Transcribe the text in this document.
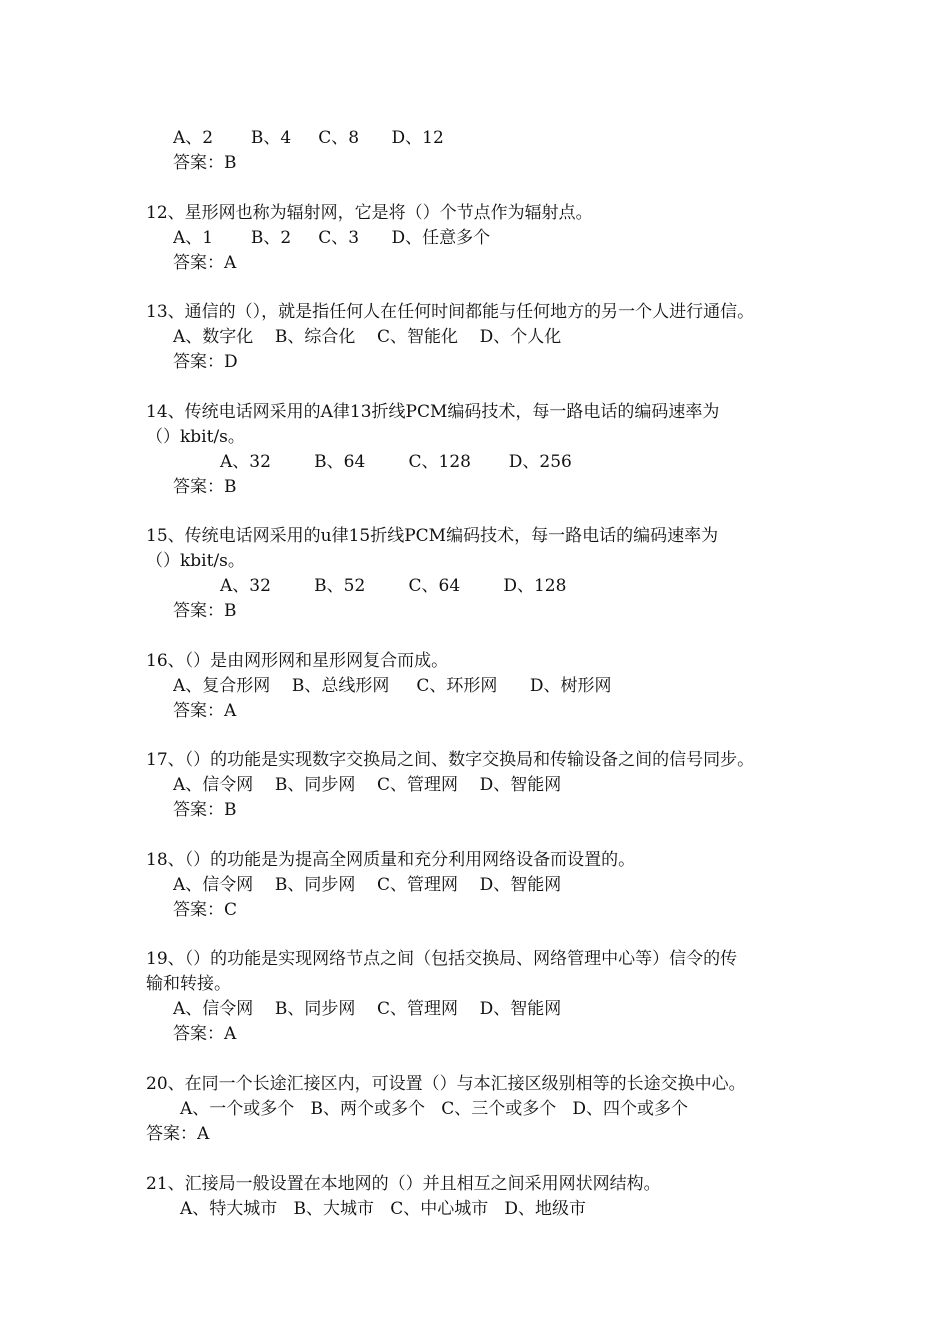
A、2       B、4     C、8      D、12
答案：B
12、星形网也称为辐射网，它是将（）个节点作为辐射点。
A、1       B、2     C、3      D、任意多个
答案：A
13、通信的（），就是指任何人在任何时间都能与任何地方的另一个人进行通信。
A、数字化    B、综合化    C、智能化    D、个人化
答案：D
14、传统电话网采用的A律13折线PCM编码技术，每一路电话的编码速率为
（）kbit/s。
A、32        B、64        C、128       D、256
答案：B
15、传统电话网采用的u律15折线PCM编码技术，每一路电话的编码速率为
（）kbit/s。
A、32        B、52        C、64        D、128
答案：B
16、（）是由网形网和星形网复合而成。
A、复合形网    B、总线形网     C、环形网      D、树形网
答案：A
17、（）的功能是实现数字交换局之间、数字交换局和传输设备之间的信号同步。
A、信令网    B、同步网    C、管理网    D、智能网
答案：B
18、（）的功能是为提高全网质量和充分利用网络设备而设置的。
A、信令网    B、同步网    C、管理网    D、智能网
答案：C
19、（）的功能是实现网络节点之间（包括交换局、网络管理中心等）信令的传
输和转接。
A、信令网    B、同步网    C、管理网    D、智能网
答案：A
20、在同一个长途汇接区内，可设置（）与本汇接区级别相等的长途交换中心。
A、一个或多个   B、两个或多个   C、三个或多个   D、四个或多个
答案：A
21、汇接局一般设置在本地网的（）并且相互之间采用网状网结构。
A、特大城市   B、大城市   C、中心城市   D、地级市
